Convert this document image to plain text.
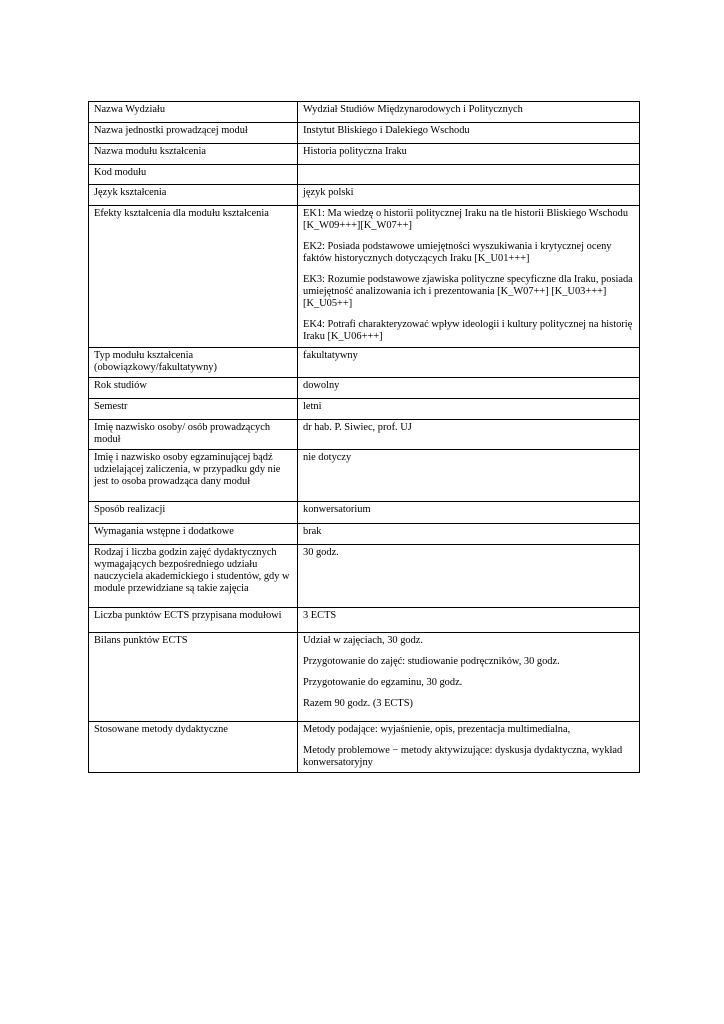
Nazwa Wydziału	Wydział Studiów Międzynarodowych i Politycznych

Nazwa jednostki prowadzącej moduł	Instytut Bliskiego i Dalekiego Wschodu

Nazwa modułu kształcenia	Historia polityczna Iraku

Kod modułu	

Język kształcenia	język polski

Efekty kształcenia dla modułu kształcenia	EK1: Ma wiedzę o historii politycznej Iraku na tle historii Bliskiego Wschodu [K_W09+++][K_W07++]
EK2: Posiada podstawowe umiejętności wyszukiwania i krytycznej oceny faktów historycznych dotyczących Iraku [K_U01+++]
EK3: Rozumie podstawowe zjawiska polityczne specyficzne dla Iraku, posiada umiejętność analizowania ich i prezentowania [K_W07++] [K_U03+++][K_U05++]
EK4: Potrafi charakteryzować wpływ ideologii i kultury politycznej na historię Iraku [K_U06+++]

Typ modułu kształcenia (obowiązkowy/fakultatywny)	fakultatywny

Rok studiów	dowolny

Semestr	letni

Imię nazwisko osoby/ osób prowadzących moduł	dr hab. P. Siwiec, prof. UJ

Imię i nazwisko osoby egzaminującej bądź udzielającej zaliczenia, w przypadku gdy nie jest to osoba prowadząca dany moduł	nie dotyczy

Sposób realizacji	konwersatorium

Wymagania wstępne i dodatkowe	brak

Rodzaj i liczba godzin zajęć dydaktycznych wymagających bezpośredniego udziału nauczyciela akademickiego i studentów, gdy w module przewidziane są takie zajęcia	30 godz.

Liczba punktów ECTS przypisana modułowi	3 ECTS

Bilans punktów ECTS	Udział w zajęciach, 30 godz.
Przygotowanie do zajęć: studiowanie podręczników, 30 godz.
Przygotowanie do egzaminu, 30 godz.
Razem 90 godz. (3 ECTS)

Stosowane metody dydaktyczne	Metody podające: wyjaśnienie, opis, prezentacja multimedialna,
Metody problemowe − metody aktywizujące: dyskusja dydaktyczna, wykład konwersatoryjny
